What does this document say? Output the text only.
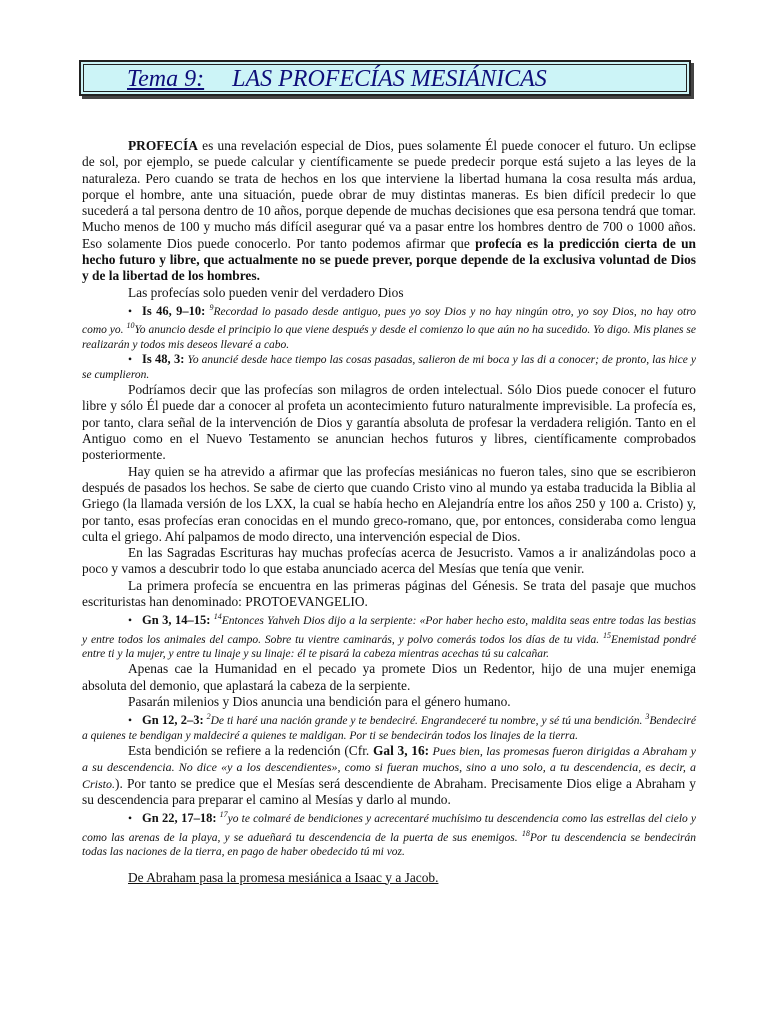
Tema 9: LAS PROFECÍAS MESIÁNICAS

PROFECÍA es una revelación especial de Dios, pues solamente Él puede conocer el futuro. Un eclipse de sol, por ejemplo, se puede calcular y científicamente se puede predecir porque está sujeto a las leyes de la naturaleza. Pero cuando se trata de hechos en los que interviene la libertad humana la cosa resulta más ardua, porque el hombre, ante una situación, puede obrar de muy distintas maneras. Es bien difícil predecir lo que sucederá a tal persona dentro de 10 años, porque depende de muchas decisiones que esa persona tendrá que tomar. Mucho menos de 100 y mucho más difícil asegurar qué va a pasar entre los hombres dentro de 700 o 1000 años. Eso solamente Dios puede conocerlo. Por tanto podemos afirmar que profecía es la predicción cierta de un hecho futuro y libre, que actualmente no se puede prever, porque depende de la exclusiva voluntad de Dios y de la libertad de los hombres.

Las profecías solo pueden venir del verdadero Dios

• Is 46, 9–10: $^9$Recordad lo pasado desde antiguo, pues yo soy Dios y no hay ningún otro, yo soy Dios, no hay otro como yo. $^{10}$Yo anuncio desde el principio lo que viene después y desde el comienzo lo que aún no ha sucedido. Yo digo. Mis planes se realizarán y todos mis deseos llevaré a cabo.

• Is 48, 3: Yo anuncié desde hace tiempo las cosas pasadas, salieron de mi boca y las di a conocer; de pronto, las hice y se cumplieron.

Podríamos decir que las profecías son milagros de orden intelectual. Sólo Dios puede conocer el futuro libre y sólo Él puede dar a conocer al profeta un acontecimiento futuro naturalmente imprevisible. La profecía es, por tanto, clara señal de la intervención de Dios y garantía absoluta de profesar la verdadera religión. Tanto en el Antiguo como en el Nuevo Testamento se anuncian hechos futuros y libres, científicamente comprobados posteriormente.

Hay quien se ha atrevido a afirmar que las profecías mesiánicas no fueron tales, sino que se escribieron después de pasados los hechos. Se sabe de cierto que cuando Cristo vino al mundo ya estaba traducida la Biblia al Griego (la llamada versión de los LXX, la cual se había hecho en Alejandría entre los años 250 y 100 a. Cristo) y, por tanto, esas profecías eran conocidas en el mundo greco-romano, que, por entonces, consideraba como lengua culta el griego. Ahí palpamos de modo directo, una intervención especial de Dios.

En las Sagradas Escrituras hay muchas profecías acerca de Jesucristo. Vamos a ir analizándolas poco a poco y vamos a descubrir todo lo que estaba anunciado acerca del Mesías que tenía que venir.

La primera profecía se encuentra en las primeras páginas del Génesis. Se trata del pasaje que muchos escrituristas han denominado: PROTOEVANGELIO.

• Gn 3, 14–15: $^{14}$Entonces Yahveh Dios dijo a la serpiente: «Por haber hecho esto, maldita seas entre todas las bestias y entre todos los animales del campo. Sobre tu vientre caminarás, y polvo comerás todos los días de tu vida. $^{15}$Enemistad pondré entre ti y la mujer, y entre tu linaje y su linaje: él te pisará la cabeza mientras acechas tú su calcañar.

Apenas cae la Humanidad en el pecado ya promete Dios un Redentor, hijo de una mujer enemiga absoluta del demonio, que aplastará la cabeza de la serpiente.

Pasarán milenios y Dios anuncia una bendición para el género humano.

• Gn 12, 2–3: $^2$De ti haré una nación grande y te bendeciré. Engrandeceré tu nombre, y sé tú una bendición. $^3$Bendeciré a quienes te bendigan y maldeciré a quienes te maldigan. Por ti se bendecirán todos los linajes de la tierra.

Esta bendición se refiere a la redención (Cfr. Gal 3, 16: Pues bien, las promesas fueron dirigidas a Abraham y a su descendencia. No dice «y a los descendientes», como si fueran muchos, sino a uno solo, a tu descendencia, es decir, a Cristo.). Por tanto se predice que el Mesías será descendiente de Abraham. Precisamente Dios elige a Abraham y su descendencia para preparar el camino al Mesías y darlo al mundo.

• Gn 22, 17–18: $^{17}$yo te colmaré de bendiciones y acrecentaré muchísimo tu descendencia como las estrellas del cielo y como las arenas de la playa, y se adueñará tu descendencia de la puerta de sus enemigos. $^{18}$Por tu descendencia se bendecirán todas las naciones de la tierra, en pago de haber obedecido tú mi voz.

De Abraham pasa la promesa mesiánica a Isaac y a Jacob.
